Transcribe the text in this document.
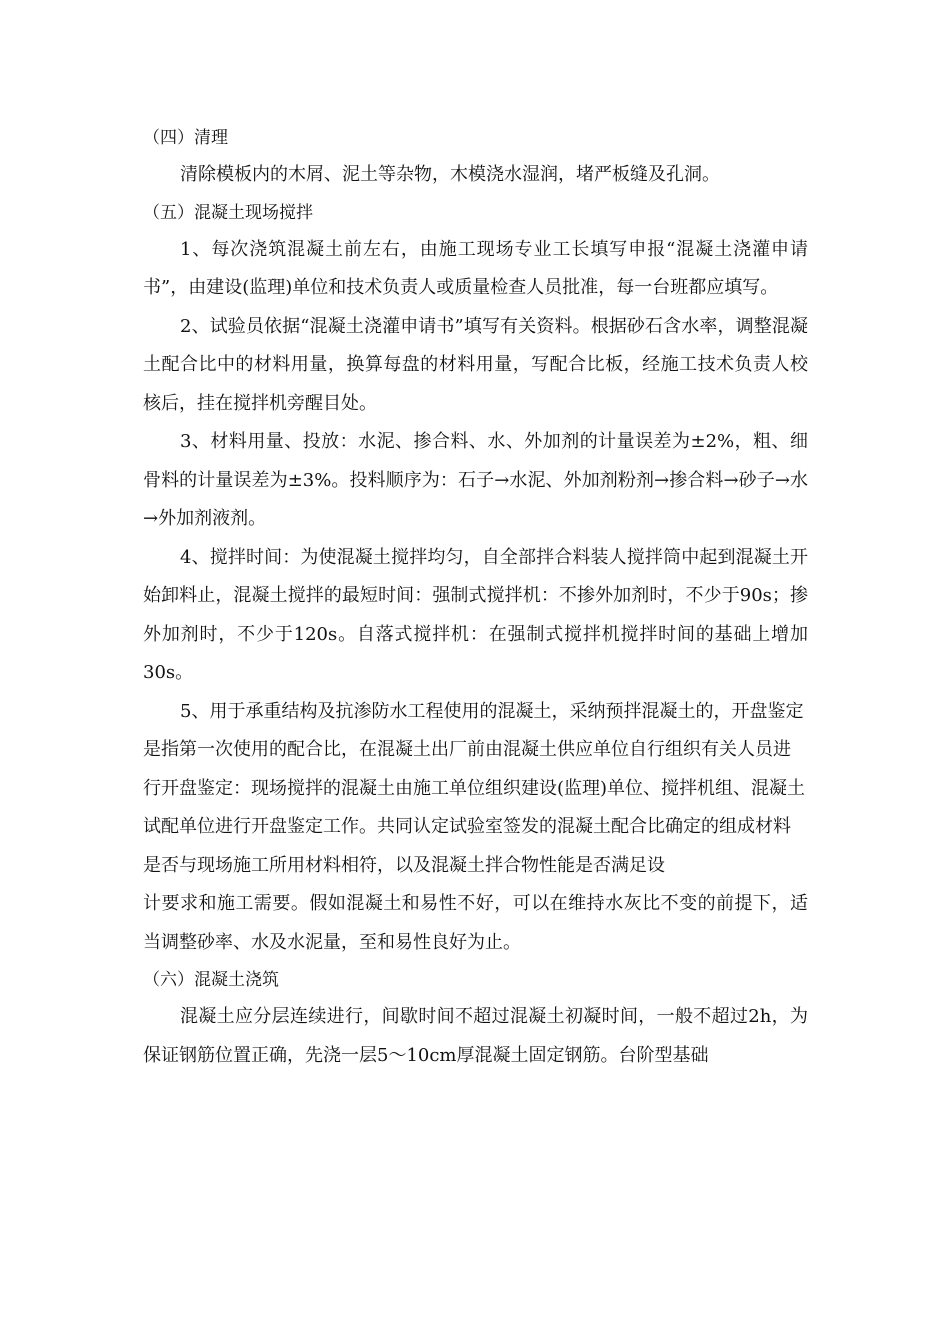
（四）清理

清除模板内的木屑、泥土等杂物，木模浇水湿润，堵严板缝及孔洞。

（五）混凝土现场搅拌

1、每次浇筑混凝土前左右，由施工现场专业工长填写申报“混凝土浇灌申请书”，由建设(监理)单位和技术负责人或质量检查人员批准，每一台班都应填写。

2、试验员依据“混凝土浇灌申请书”填写有关资料。根据砂石含水率，调整混凝土配合比中的材料用量，换算每盘的材料用量，写配合比板，经施工技术负责人校核后，挂在搅拌机旁醒目处。

3、材料用量、投放：水泥、掺合料、水、外加剂的计量误差为±2%，粗、细骨料的计量误差为±3%。投料顺序为：石子→水泥、外加剂粉剂→掺合料→砂子→水→外加剂液剂。

4、搅拌时间：为使混凝土搅拌均匀，自全部拌合料装人搅拌筒中起到混凝土开始卸料止，混凝土搅拌的最短时间：强制式搅拌机：不掺外加剂时，不少于90s；掺外加剂时，不少于120s。自落式搅拌机：在强制式搅拌机搅拌时间的基础上增加30s。

5、用于承重结构及抗渗防水工程使用的混凝土，采纳预拌混凝土的，开盘鉴定是指第一次使用的配合比，在混凝土出厂前由混凝土供应单位自行组织有关人员进行开盘鉴定：现场搅拌的混凝土由施工单位组织建设(监理)单位、搅拌机组、混凝土试配单位进行开盘鉴定工作。共同认定试验室签发的混凝土配合比确定的组成材料是否与现场施工所用材料相符，以及混凝土拌合物性能是否满足设

计要求和施工需要。假如混凝土和易性不好，可以在维持水灰比不变的前提下，适当调整砂率、水及水泥量，至和易性良好为止。

（六）混凝土浇筑

混凝土应分层连续进行，间歇时间不超过混凝土初凝时间，一般不超过2h，为保证钢筋位置正确，先浇一层5～10cm厚混凝土固定钢筋。台阶型基础
